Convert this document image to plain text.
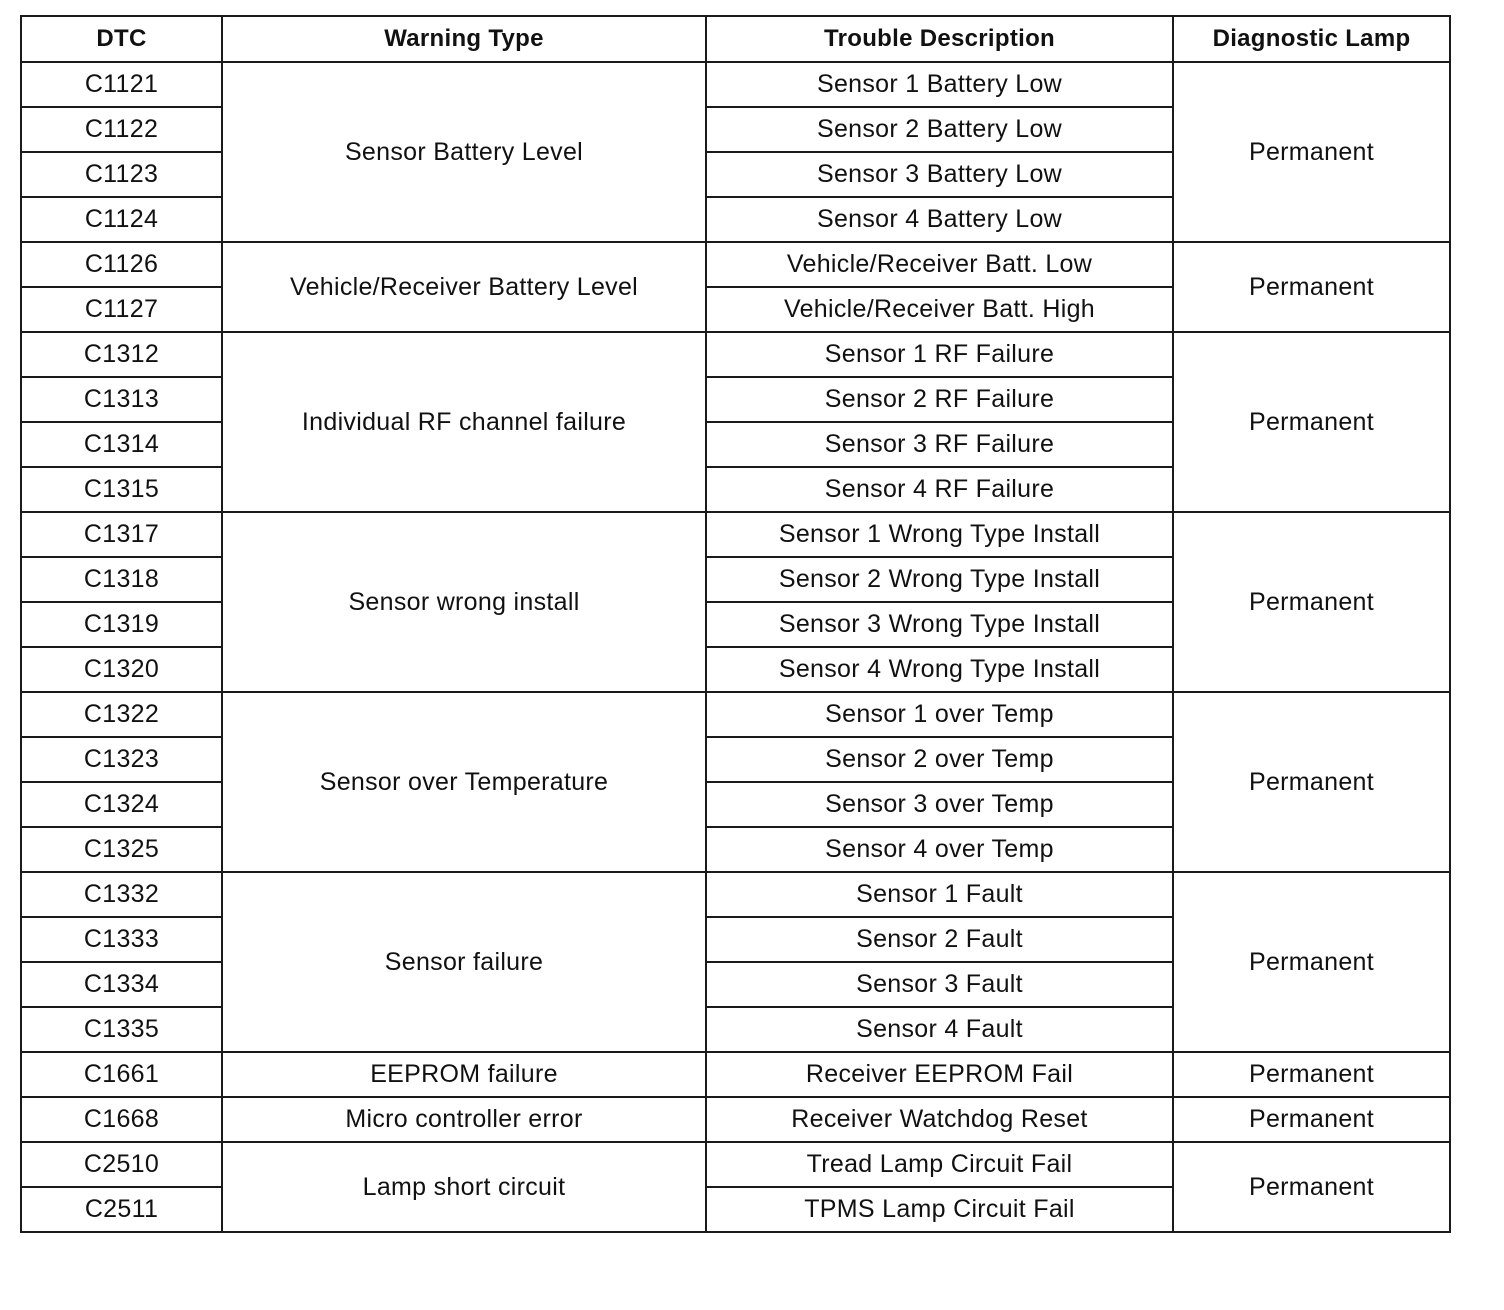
DTC	Warning Type	Trouble Description	Diagnostic Lamp
C1121	Sensor Battery Level	Sensor 1 Battery Low	Permanent
C1122		Sensor 2 Battery Low	
C1123		Sensor 3 Battery Low	
C1124		Sensor 4 Battery Low	
C1126	Vehicle/Receiver Battery Level	Vehicle/Receiver Batt. Low	Permanent
C1127		Vehicle/Receiver Batt. High	
C1312	Individual RF channel failure	Sensor 1 RF Failure	Permanent
C1313		Sensor 2 RF Failure	
C1314		Sensor 3 RF Failure	
C1315		Sensor 4 RF Failure	
C1317	Sensor wrong install	Sensor 1 Wrong Type Install	Permanent
C1318		Sensor 2 Wrong Type Install	
C1319		Sensor 3 Wrong Type Install	
C1320		Sensor 4 Wrong Type Install	
C1322	Sensor over Temperature	Sensor 1 over Temp	Permanent
C1323		Sensor 2 over Temp	
C1324		Sensor 3 over Temp	
C1325		Sensor 4 over Temp	
C1332	Sensor failure	Sensor 1 Fault	Permanent
C1333		Sensor 2 Fault	
C1334		Sensor 3 Fault	
C1335		Sensor 4 Fault	
C1661	EEPROM failure	Receiver EEPROM Fail	Permanent
C1668	Micro controller error	Receiver Watchdog Reset	Permanent
C2510	Lamp short circuit	Tread Lamp Circuit Fail	Permanent
C2511		TPMS Lamp Circuit Fail	
